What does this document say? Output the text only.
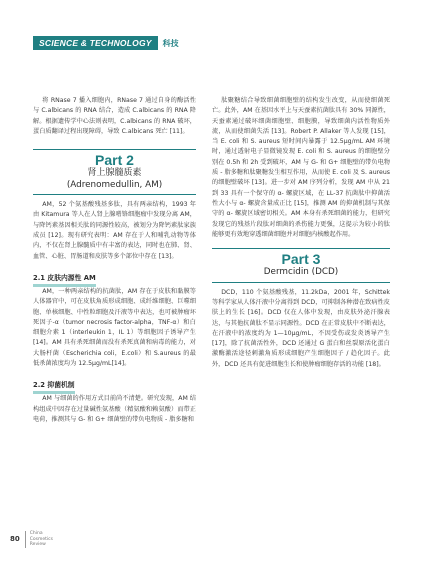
SCIENCE & TECHNOLOGY	科技

将 RNase 7 播入细胞内，RNase 7 通过自身的酶活性与 C.albicans 的 RNA 结合，造成 C.albicans 的 RNA 降解。根据遗传学中心法则表明，C.albicans 的 RNA 破坏，蛋白质翻译过程出现障碍，导致 C.albicans 死亡 [11]。

Part 2
肾上腺髓质素
(Adrenomedullin, AM)

AM，52 个氨基酸残基多肽，具有两亲结构，1993 年由 Kitamura 等人在人肾上腺嗜铬细胞瘤中发现分离 AM，与降钙素基因相关肽的同源性较高，被划分为降钙素肽家族成员 [12]。现有研究表明：AM 存在于人和哺乳动物等体内，不仅在肾上腺髓质中有丰富的表达，同时也在肺、肾、血管、心脏、胃肠道和皮肤等多个部位中存在 [13]。

2.1 皮肤内源性 AM

AM，一种两亲结构的抗菌肽，AM 存在于皮肤和黏膜等人体器官中，可在皮肤角质形成细胞、成纤维细胞、巨噬细胞、单核细胞、中性粒细胞及汗液等中表达，也可被肿瘤坏死因子-α（tumor necrosis factor-alpha，TNF-α）和白细胞介素 1（interleukin 1，IL 1）等细胞因子诱导产生 [14]。AM 具有杀死细菌而没有杀死真菌和病毒的能力，对大肠杆菌（Escherichia coli，E.coli）和 S.aureus 的最低杀菌浓度均为 12.5μg/mL[14]。

2.2 抑菌机制

AM 与细菌的作用方式目前尚不清楚。研究发现，AM 结构组成中因存在过量碱性氨基酸（精氨酸和赖氨酸）而带正电荷，推测其与 G- 和 G+ 细菌壁的带负电物质 - 脂多糖和

肽聚糖结合导致细菌细胞壁的结构发生改变，从而使细菌死亡。此外，AM 在基因水平上与天蚕素抗菌肽具有 30% 同源性，天蚕素通过破坏细菌细胞壁、细胞膜，导致细菌内活性物质外流，从而使细菌失活 [13]。Robert P. Allaker 等人发现 [15]，当 E. coli 和 S. aureus 短时间内暴露于 12.5μg/mL AM 环境时，通过透射电子显微镜发现 E. coli 和 S. aureus 的细胞壁分别在 0.5h 和 2h 受到破坏，AM 与 G- 和 G+ 细胞壁的带负电物质 - 脂多糖和肽聚糖发生相互作用，从而使 E. coli 及 S. aureus 的细胞壁破坏 [13]。进一步对 AM 序列分析，发现 AM 中从 21 到 33 具有一个保守的 α- 螺旋区域，在 LL-37 抗菌肽中抑菌活性大小与 α- 螺旋含量成正比 [15]，推测 AM 的抑菌机制与其保守的 α- 螺旋区域密切相关。AM 本身有杀死细菌的能力，但研究发现它的残基片段肽对细菌的杀伤能力更强，这提示为较小的肽能够更有效地穿透细菌细胞并对细胞内核酸起作用。

Part 3
Dermcidin (DCD)

DCD，110 个氨基酸残基，11.2kDa，2001 年，Schittek 等科学家从人体汗液中分离得到 DCD，可抑制各种潜在致病性皮肤上的生长 [16]。DCD 仅在人体中发现，由皮肤外泌汗腺表达，与其他抗菌肽不显示同源性。DCD 在正常皮肤中不断表达，在汗液中的浓度约为 1—10μg/mL，不因受伤或发炎诱导产生 [17]，除了抗菌活性外，DCD 还通过 G 蛋白和丝裂原活化蛋白激酶激活途径刺激角质形成细胞产生细胞因子 / 趋化因子。此外，DCD 还具有促进细胞生长和使肿瘤细胞存活的功能 [18]。

80
China
Cosmetics
Review
